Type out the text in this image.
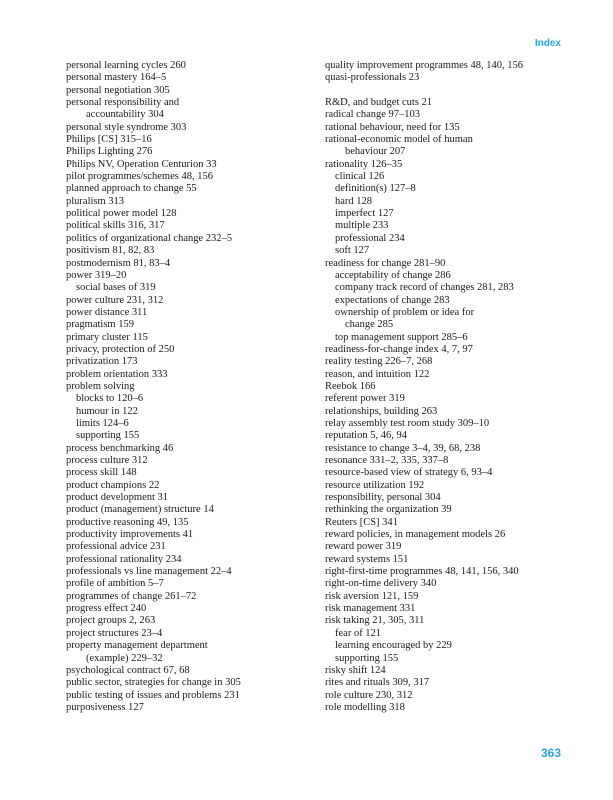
Index
personal learning cycles 260
personal mastery 164–5
personal negotiation 305
personal responsibility and
accountability 304
personal style syndrome 303
Philips [CS] 315–16
Philips Lighting 276
Philips NV, Operation Centurion 33
pilot programmes/schemes 48, 156
planned approach to change 55
pluralism 313
political power model 128
political skills 316, 317
politics of organizational change 232–5
positivism 81, 82, 83
postmodernism 81, 83–4
power 319–20
social bases of 319
power culture 231, 312
power distance 311
pragmatism 159
primary cluster 115
privacy, protection of 250
privatization 173
problem orientation 333
problem solving
blocks to 120–6
humour in 122
limits 124–6
supporting 155
process benchmarking 46
process culture 312
process skill 148
product champions 22
product development 31
product (management) structure 14
productive reasoning 49, 135
productivity improvements 41
professional advice 231
professional rationality 234
professionals vs line management 22–4
profile of ambition 5–7
programmes of change 261–72
progress effect 240
project groups 2, 263
project structures 23–4
property management department
(example) 229–32
psychological contract 67, 68
public sector, strategies for change in 305
public testing of issues and problems 231
purposiveness 127
quality improvement programmes 48, 140, 156
quasi-professionals 23
R&D, and budget cuts 21
radical change 97–103
rational behaviour, need for 135
rational-economic model of human
behaviour 207
rationality 126–35
clinical 126
definition(s) 127–8
hard 128
imperfect 127
multiple 233
professional 234
soft 127
readiness for change 281–90
acceptability of change 286
company track record of changes 281, 283
expectations of change 283
ownership of problem or idea for
change 285
top management support 285–6
readiness-for-change index 4, 7, 97
reality testing 226–7, 268
reason, and intuition 122
Reebok 166
referent power 319
relationships, building 263
relay assembly test room study 309–10
reputation 5, 46, 94
resistance to change 3–4, 39, 68, 238
resonance 331–2, 335, 337–8
resource-based view of strategy 6, 93–4
resource utilization 192
responsibility, personal 304
rethinking the organization 39
Reuters [CS] 341
reward policies, in management models 26
reward power 319
reward systems 151
right-first-time programmes 48, 141, 156, 340
right-on-time delivery 340
risk aversion 121, 159
risk management 331
risk taking 21, 305, 311
fear of 121
learning encouraged by 229
supporting 155
risky shift 124
rites and rituals 309, 317
role culture 230, 312
role modelling 318
363
